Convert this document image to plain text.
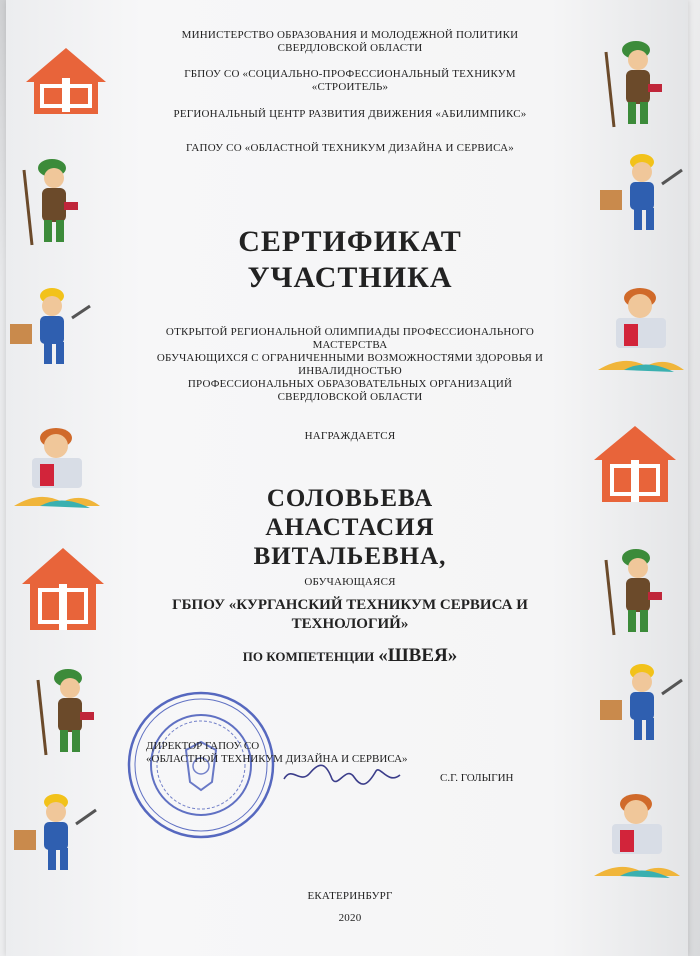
МИНИСТЕРСТВО ОБРАЗОВАНИЯ И МОЛОДЕЖНОЙ ПОЛИТИКИ
СВЕРДЛОВСКОЙ ОБЛАСТИ
ГБПОУ СО «СОЦИАЛЬНО-ПРОФЕССИОНАЛЬНЫЙ ТЕХНИКУМ
«СТРОИТЕЛЬ»
РЕГИОНАЛЬНЫЙ ЦЕНТР РАЗВИТИЯ ДВИЖЕНИЯ «АБИЛИМПИКС»
ГАПОУ СО «ОБЛАСТНОЙ ТЕХНИКУМ ДИЗАЙНА И СЕРВИСА»
СЕРТИФИКАТ
УЧАСТНИКА
ОТКРЫТОЙ РЕГИОНАЛЬНОЙ ОЛИМПИАДЫ ПРОФЕССИОНАЛЬНОГО
МАСТЕРСТВА
ОБУЧАЮЩИХСЯ С ОГРАНИЧЕННЫМИ ВОЗМОЖНОСТЯМИ ЗДОРОВЬЯ И
ИНВАЛИДНОСТЬЮ
ПРОФЕССИОНАЛЬНЫХ ОБРАЗОВАТЕЛЬНЫХ ОРГАНИЗАЦИЙ
СВЕРДЛОВСКОЙ ОБЛАСТИ
НАГРАЖДАЕТСЯ
СОЛОВЬЕВА
АНАСТАСИЯ
ВИТАЛЬЕВНА,
ОБУЧАЮЩАЯСЯ
ГБПОУ «КУРГАНСКИЙ ТЕХНИКУМ СЕРВИСА И
ТЕХНОЛОГИЙ»
ПО КОМПЕТЕНЦИИ «ШВЕЯ»
ДИРЕКТОР ГАПОУ СО
«ОБЛАСТНОЙ ТЕХНИКУМ ДИЗАЙНА И СЕРВИСА»
С.Г. ГОЛЫГИН
ЕКАТЕРИНБУРГ
2020
